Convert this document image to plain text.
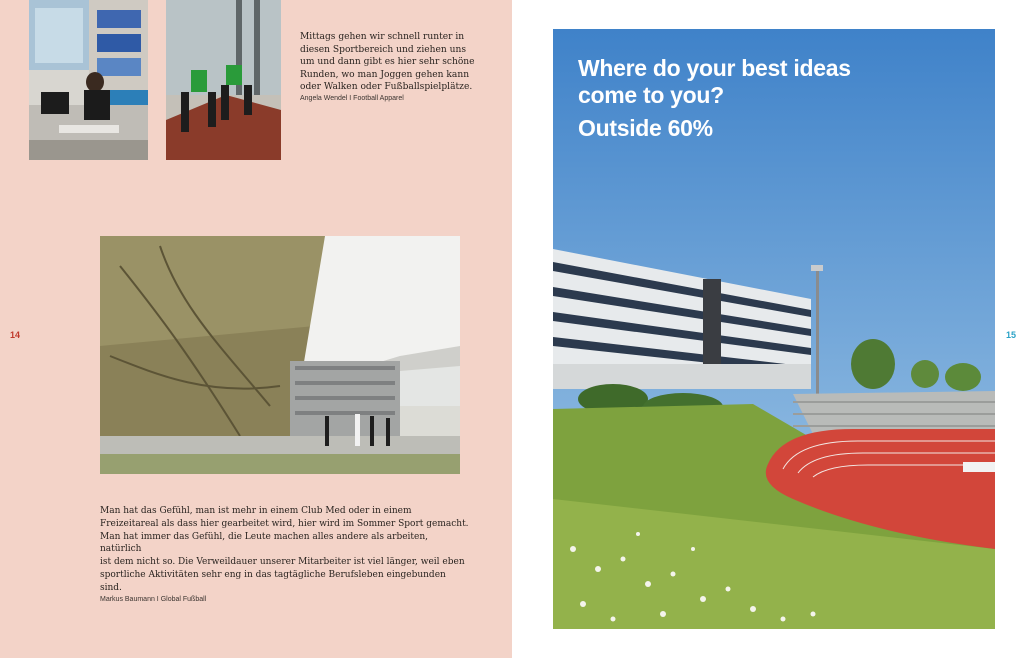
Mittags gehen wir schnell runter in

diesen Sportbereich und ziehen uns

um und dann gibt es hier sehr schöne

Runden, wo man Joggen gehen kann

oder Walken oder Fußballspielplätze.

Angela Wendel I Football Apparel

14

Man hat das Gefühl, man ist mehr in einem Club Med oder in einem

Freizeitareal als dass hier gearbeitet wird, hier wird im Sommer Sport gemacht.

Man hat immer das Gefühl, die Leute machen alles andere als arbeiten, natürlich

ist dem nicht so. Die Verweildauer unserer Mitarbeiter ist viel länger, weil eben

sportliche Aktivitäten sehr eng in das tagtägliche Berufsleben eingebunden sind.

Markus Baumann I Global Fußball

15

Where do your best ideas

come to you?

Outside 60%
